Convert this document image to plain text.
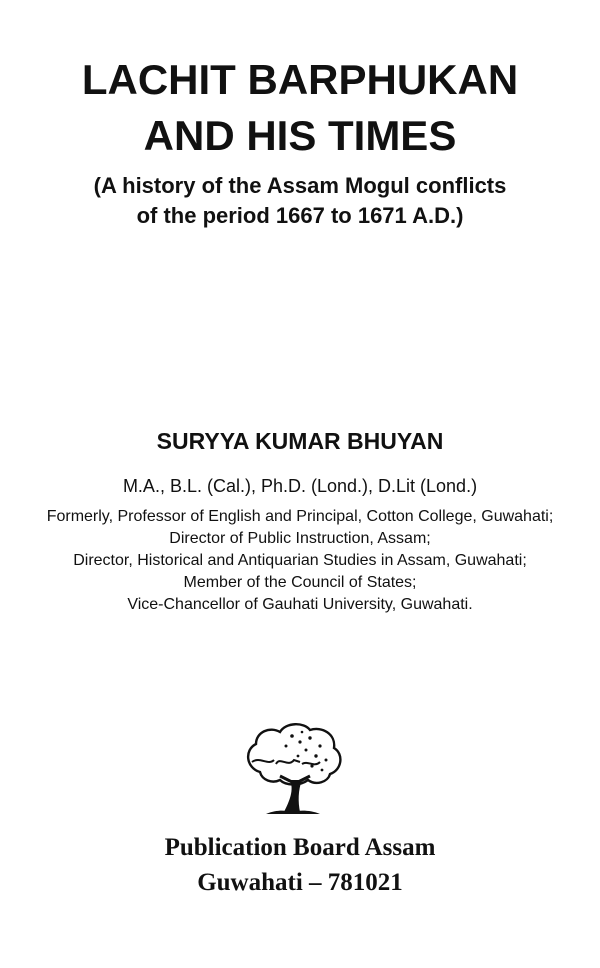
LACHIT BARPHUKAN
AND HIS TIMES

(A history of the Assam Mogul conflicts

of the period 1667 to 1671 A.D.)

SURYYA KUMAR BHUYAN

M.A., B.L. (Cal.), Ph.D. (Lond.), D.Lit (Lond.)

Formerly, Professor of English and Principal, Cotton College, Guwahati;
Director of Public Instruction, Assam;
Director, Historical and Antiquarian Studies in Assam, Guwahati;
Member of the Council of States;
Vice-Chancellor of Gauhati University, Guwahati.

Publication Board Assam

Guwahati – 781021
